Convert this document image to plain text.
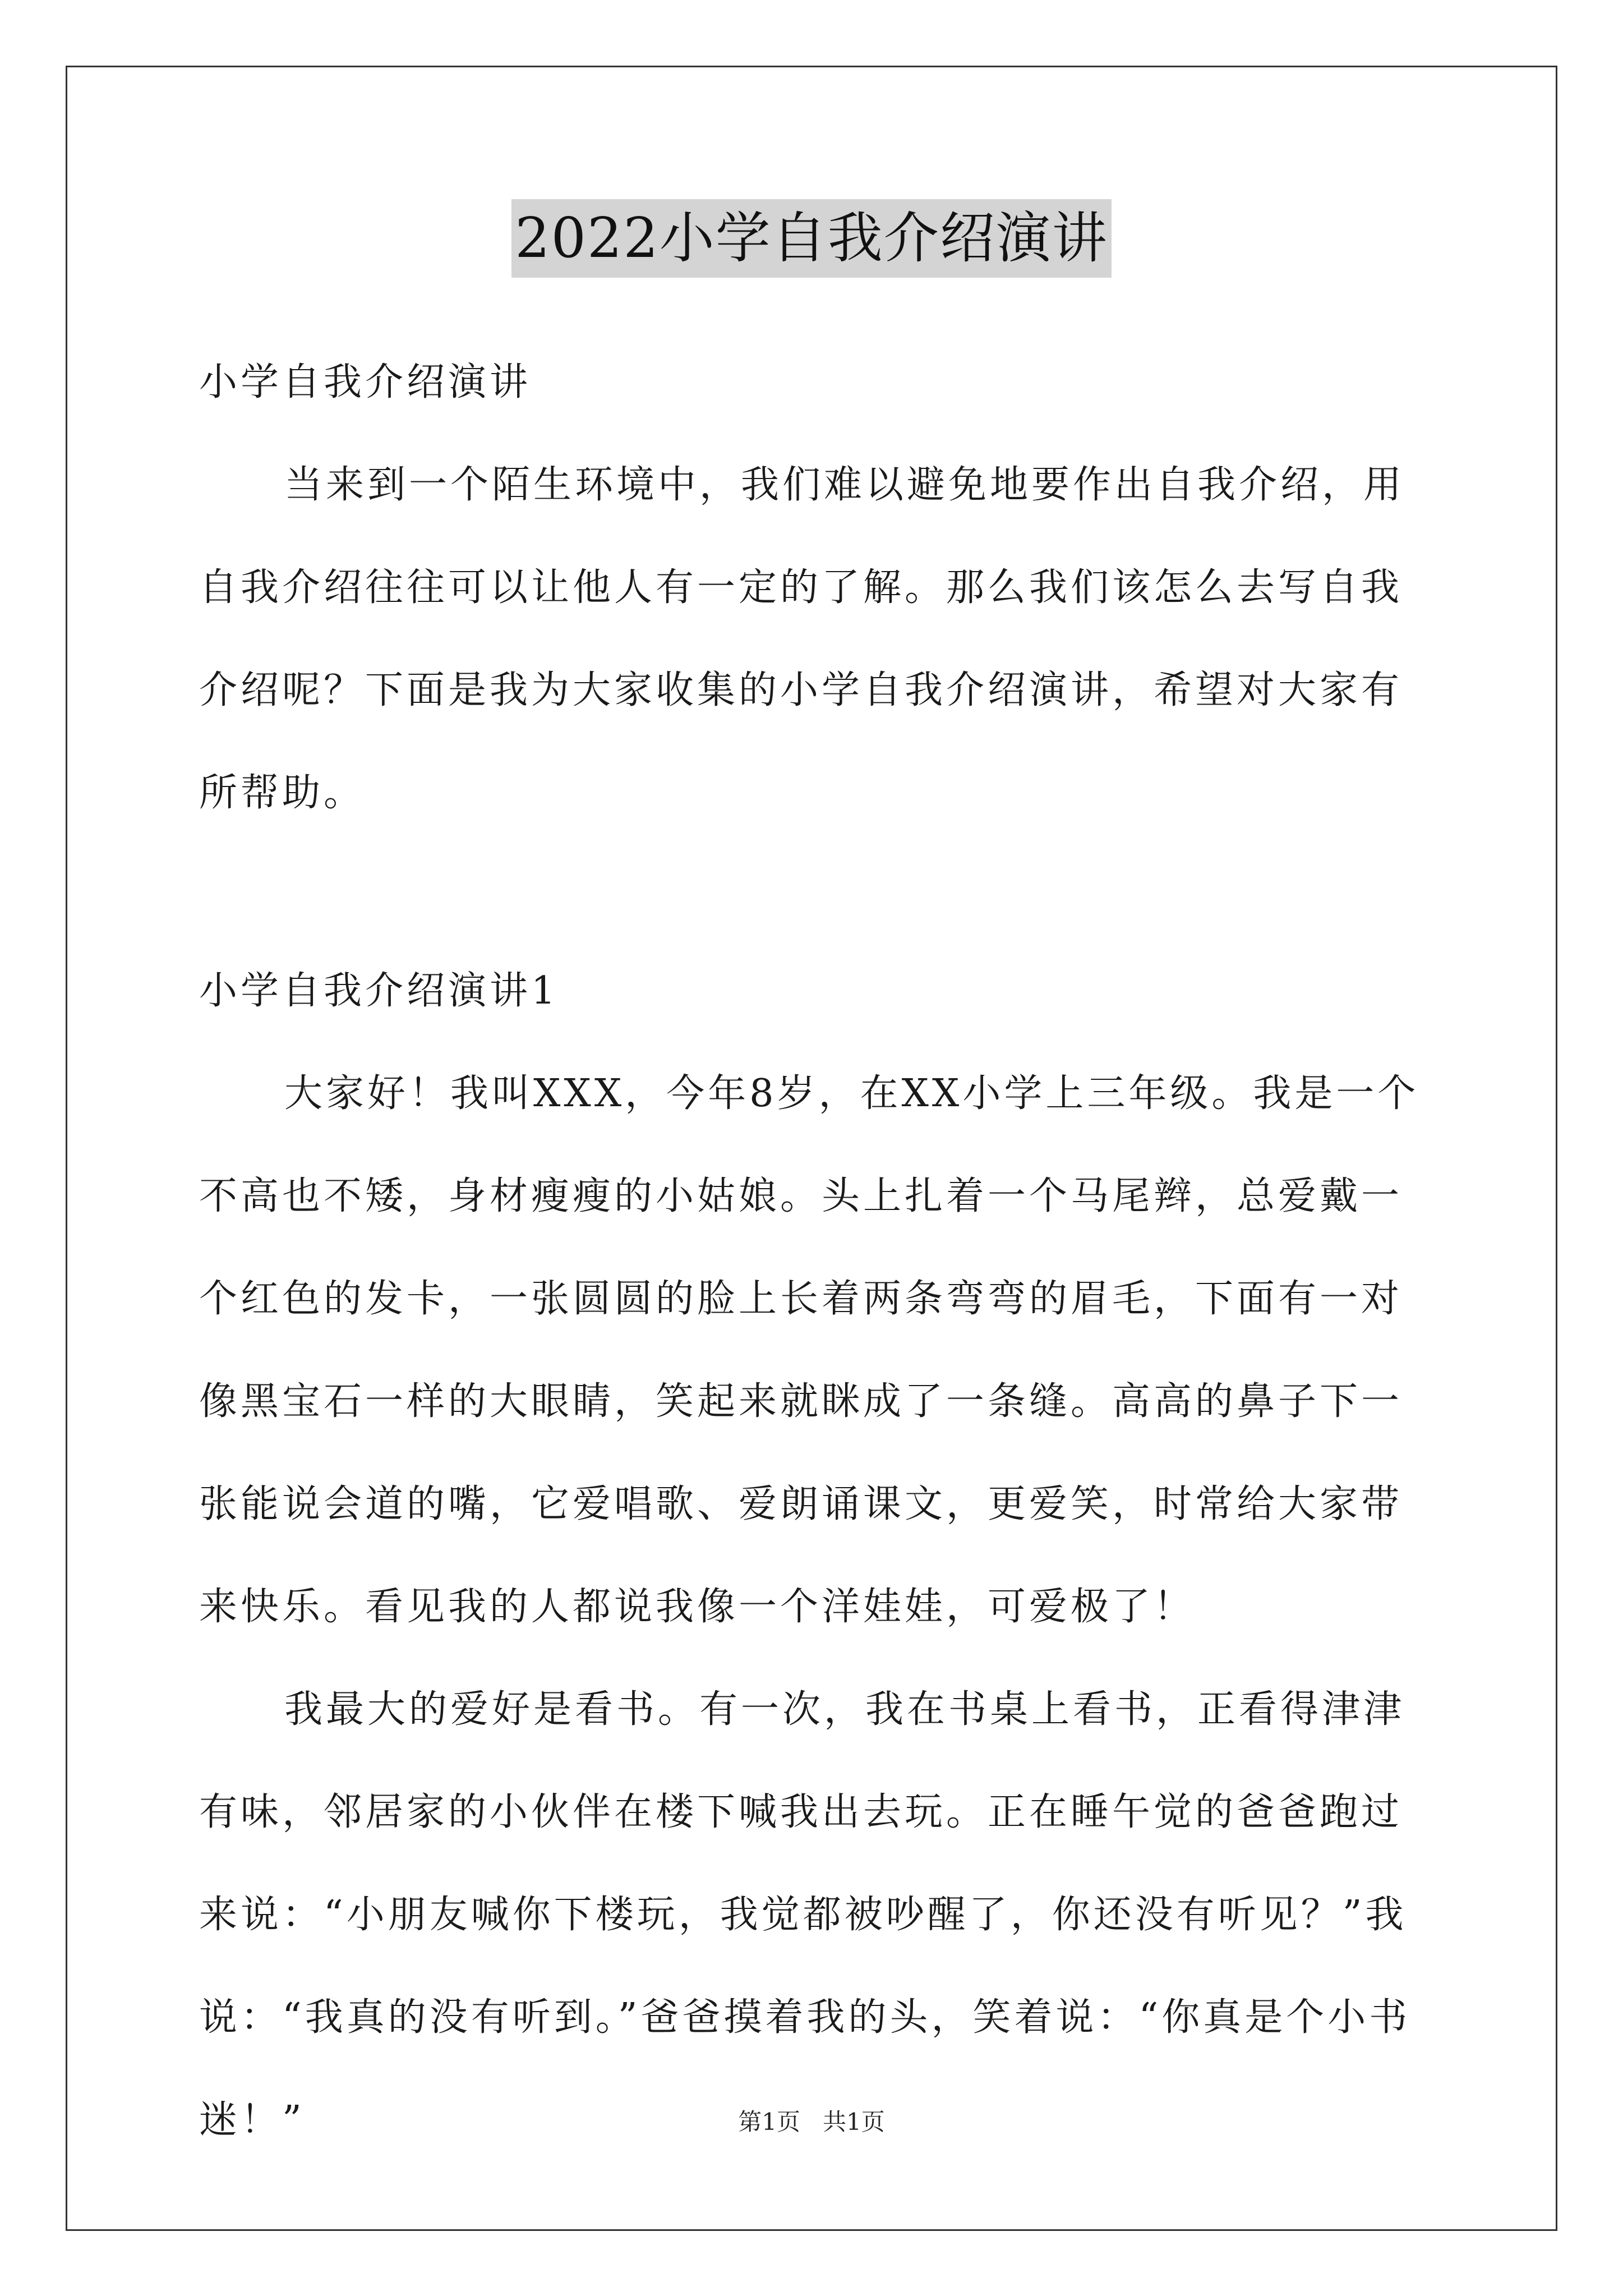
2022小学自我介绍演讲

小学自我介绍演讲

当来到一个陌生环境中，我们难以避免地要作出自我介绍，用自我介绍往往可以让他人有一定的了解。那么我们该怎么去写自我介绍呢？下面是我为大家收集的小学自我介绍演讲，希望对大家有所帮助。

小学自我介绍演讲1

大家好！我叫XXX，今年8岁，在XX小学上三年级。我是一个不高也不矮，身材瘦瘦的小姑娘。头上扎着一个马尾辫，总爱戴一个红色的发卡，一张圆圆的脸上长着两条弯弯的眉毛，下面有一对像黑宝石一样的大眼睛，笑起来就眯成了一条缝。高高的鼻子下一张能说会道的嘴，它爱唱歌、爱朗诵课文，更爱笑，时常给大家带来快乐。看见我的人都说我像一个洋娃娃，可爱极了！

我最大的爱好是看书。有一次，我在书桌上看书，正看得津津有味，邻居家的小伙伴在楼下喊我出去玩。正在睡午觉的爸爸跑过来说：“小朋友喊你下楼玩，我觉都被吵醒了，你还没有听见？”我说：“我真的没有听到。”爸爸摸着我的头，笑着说：“你真是个小书迷！”	第1页 共1页
